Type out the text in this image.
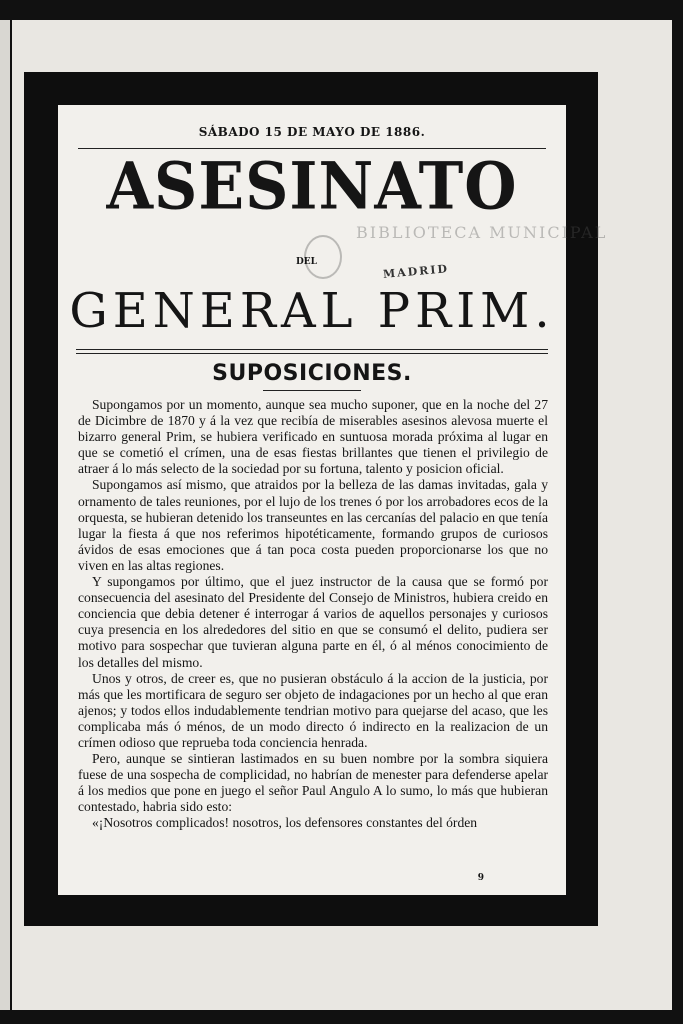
SÁBADO 15 DE MAYO DE 1886.
ASESINATO
BIBLIOTECA MUNICIPAL
DEL
MADRID
GENERAL PRIM.
SUPOSICIONES.

Supongamos por un momento, aunque sea mucho suponer, que en la noche del 27 de Dicimbre de 1870 y á la vez que recibía de miserables asesinos alevosa muerte el bizarro general Prim, se hubiera verificado en suntuosa morada próxima al lugar en que se cometió el crímen, una de esas fiestas brillantes que tienen el privilegio de atraer á lo más selecto de la sociedad por su fortuna, talento y posicion oficial.

Supongamos así mismo, que atraidos por la belleza de las damas invitadas, gala y ornamento de tales reuniones, por el lujo de los trenes ó por los arrobadores ecos de la orquesta, se hubieran detenido los transeuntes en las cercanías del palacio en que tenía lugar la fiesta á que nos referimos hipotéticamente, formando grupos de curiosos ávidos de esas emociones que á tan poca costa pueden proporcionarse los que no viven en las altas regiones.

Y supongamos por último, que el juez instructor de la causa que se formó por consecuencia del asesinato del Presidente del Consejo de Ministros, hubiera creido en conciencia que debia detener é interrogar á varios de aquellos personajes y curiosos cuya presencia en los alrededores del sitio en que se consumó el delito, pudiera ser motivo para sospechar que tuvieran alguna parte en él, ó al ménos conocimiento de los detalles del mismo.

Unos y otros, de creer es, que no pusieran obstáculo á la accion de la justicia, por más que les mortificara de seguro ser objeto de indagaciones por un hecho al que eran ajenos; y todos ellos indudablemente tendrian motivo para quejarse del acaso, que les complicaba más ó ménos, de un modo directo ó indirecto en la realizacion de un crímen odioso que reprueba toda conciencia henrada.

Pero, aunque se sintieran lastimados en su buen nombre por la sombra siquiera fuese de una sospecha de complicidad, no habrían de menester para defenderse apelar á los medios que pone en juego el señor Paul Angulo A lo sumo, lo más que hubieran contestado, habria sido esto:

«¡Nosotros complicados! nosotros, los defensores constantes del órden

9
